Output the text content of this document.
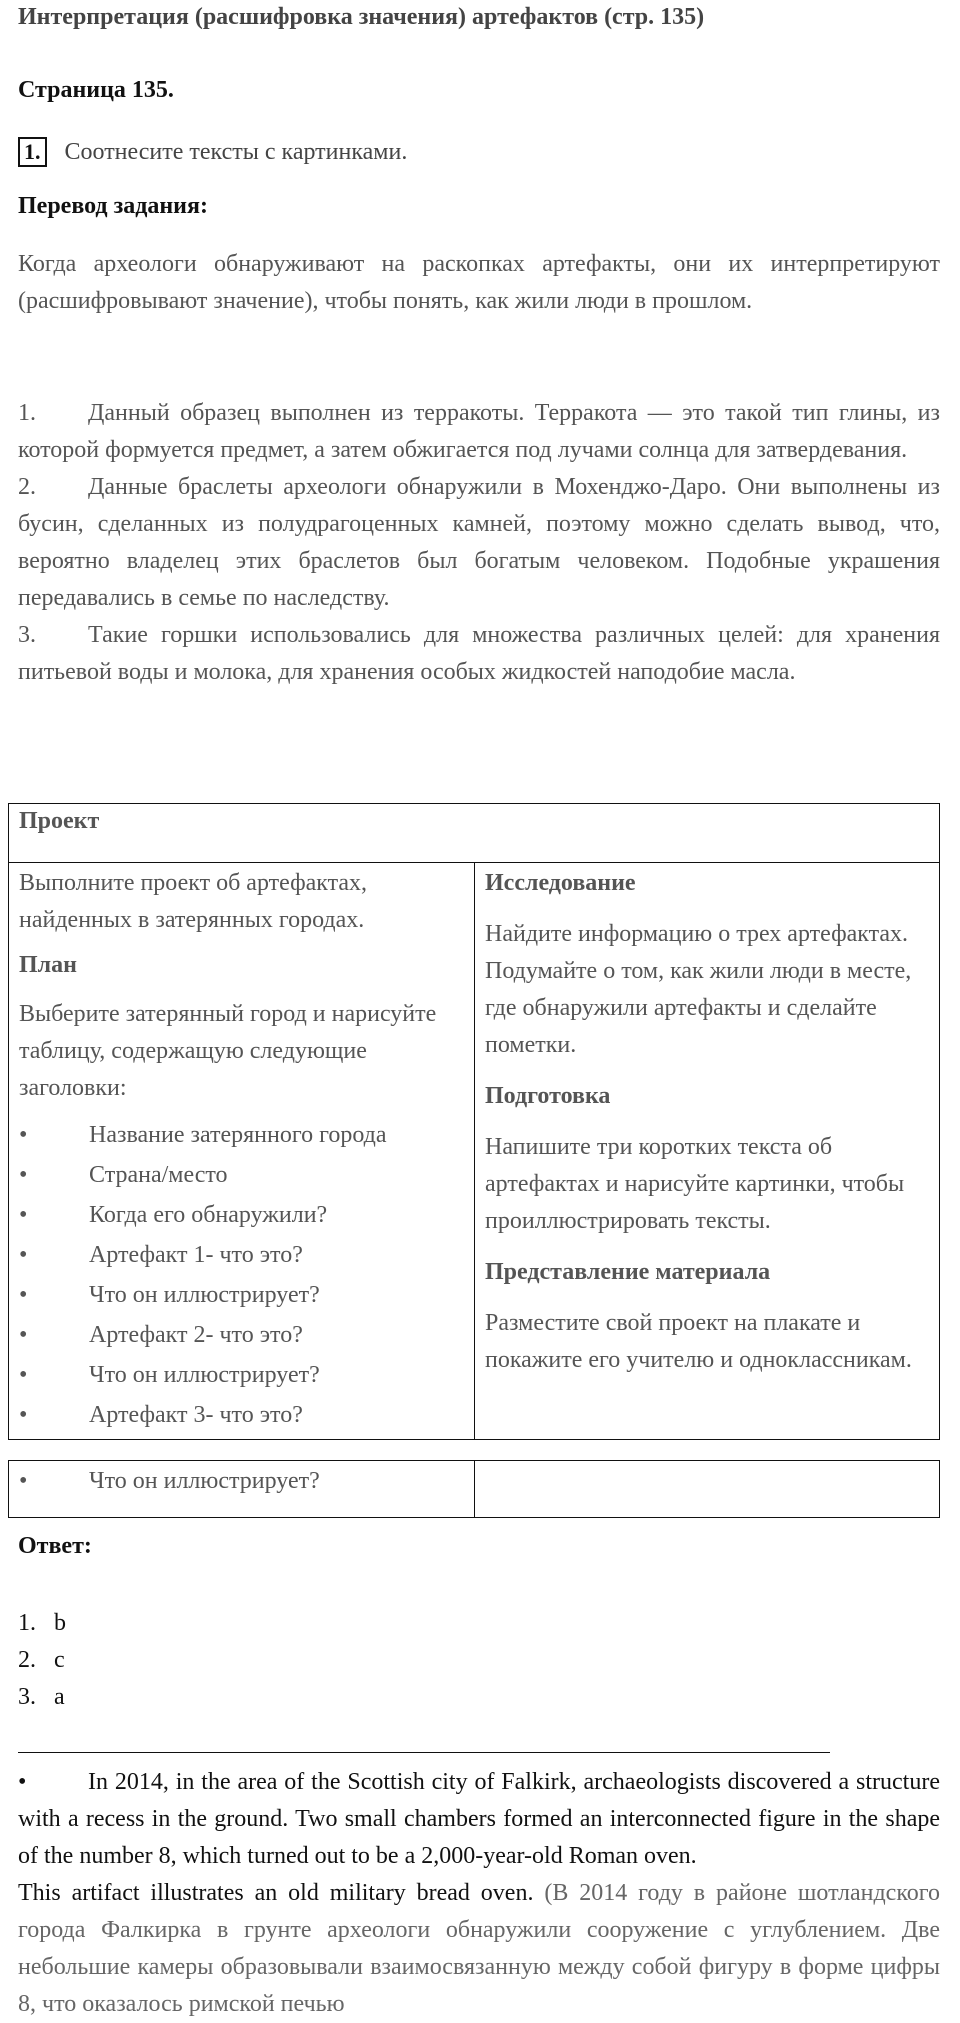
Интерпретация (расшифровка значения) артефактов (стр. 135)
Страница 135.
1. Соотнесите тексты с картинками.
Перевод задания:
Когда археологи обнаруживают на раскопках артефакты, они их интерпретируют (расшифровывают значение), чтобы понять, как жили люди в прошлом.
1. Данный образец выполнен из терракоты. Терракота — это такой тип глины, из которой формуется предмет, а затем обжигается под лучами солнца для затвердевания.
2. Данные браслеты археологи обнаружили в Мохенджо-Даро. Они выполнены из бусин, сделанных из полудрагоценных камней, поэтому можно сделать вывод, что, вероятно владелец этих браслетов был богатым человеком. Подобные украшения передавались в семье по наследству.
3. Такие горшки использовались для множества различных целей: для хранения питьевой воды и молока, для хранения особых жидкостей наподобие масла.
Проект

Выполните проект об артефактах, найденных в затерянных городах.

План

Выберите затерянный город и нарисуйте таблицу, содержащую следующие заголовки:

•	Название затерянного города
•	Страна/место
•	Когда его обнаружили?
•	Артефакт 1- что это?
•	Что он иллюстрирует?
•	Артефакт 2- что это?
•	Что он иллюстрирует?
•	Артефакт 3- что это?

Исследование

Найдите информацию о трех артефактах. Подумайте о том, как жили люди в месте, где обнаружили артефакты и сделайте пометки.

Подготовка

Напишите три коротких текста об артефактах и нарисуйте картинки, чтобы проиллюстрировать тексты.

Представление материала

Разместите свой проект на плакате и покажите его учителю и одноклассникам.

•	Что он иллюстрирует?

Ответ:
1. b
2. c
3. a
•	In 2014, in the area of the Scottish city of Falkirk, archaeologists discovered a structure with a recess in the ground. Two small chambers formed an interconnected figure in the shape of the number 8, which turned out to be a 2,000-year-old Roman oven.
This artifact illustrates an old military bread oven. (В 2014 году в районе шотландского города Фалкирка в грунте археологи обнаружили сооружение с углублением. Две небольшие камеры образовывали взаимосвязанную между собой фигуру в форме цифры 8, что оказалось римской печью
